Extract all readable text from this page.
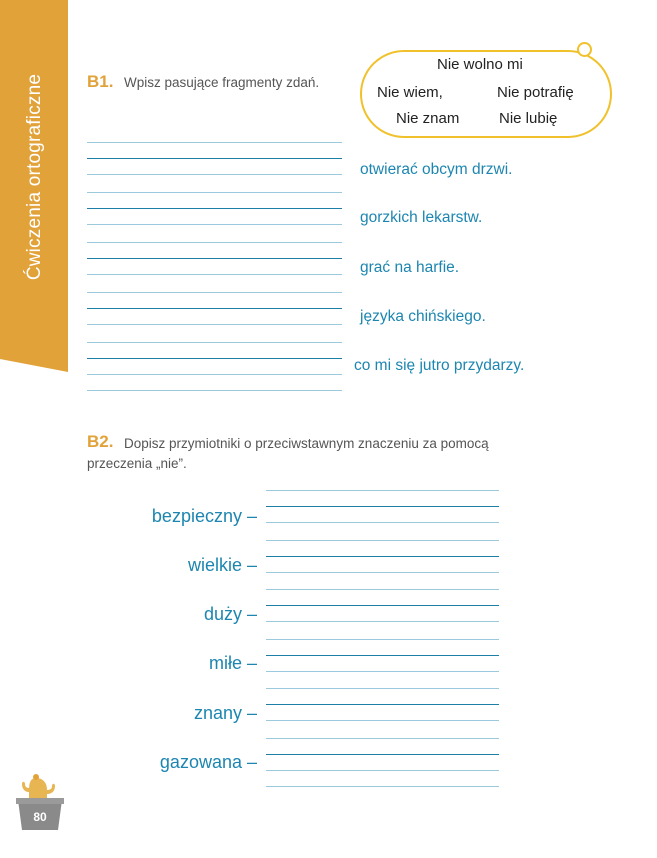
Ćwiczenia ortograficzne B1. Wpisz pasujące fragmenty zdań.
Nie wolno mi
Nie wiem,	Nie potrafię
Nie znam	Nie lubię
otwierać obcym drzwi.
gorzkich lekarstw.
grać na harfie.
języka chińskiego.
co mi się jutro przydarzy.
B2. Dopisz przymiotniki o przeciwstawnym znaczeniu za pomocą
przeczenia „nie”.
bezpieczny –
wielkie –
duży –
miłe –
znany –
gazowana –
80
